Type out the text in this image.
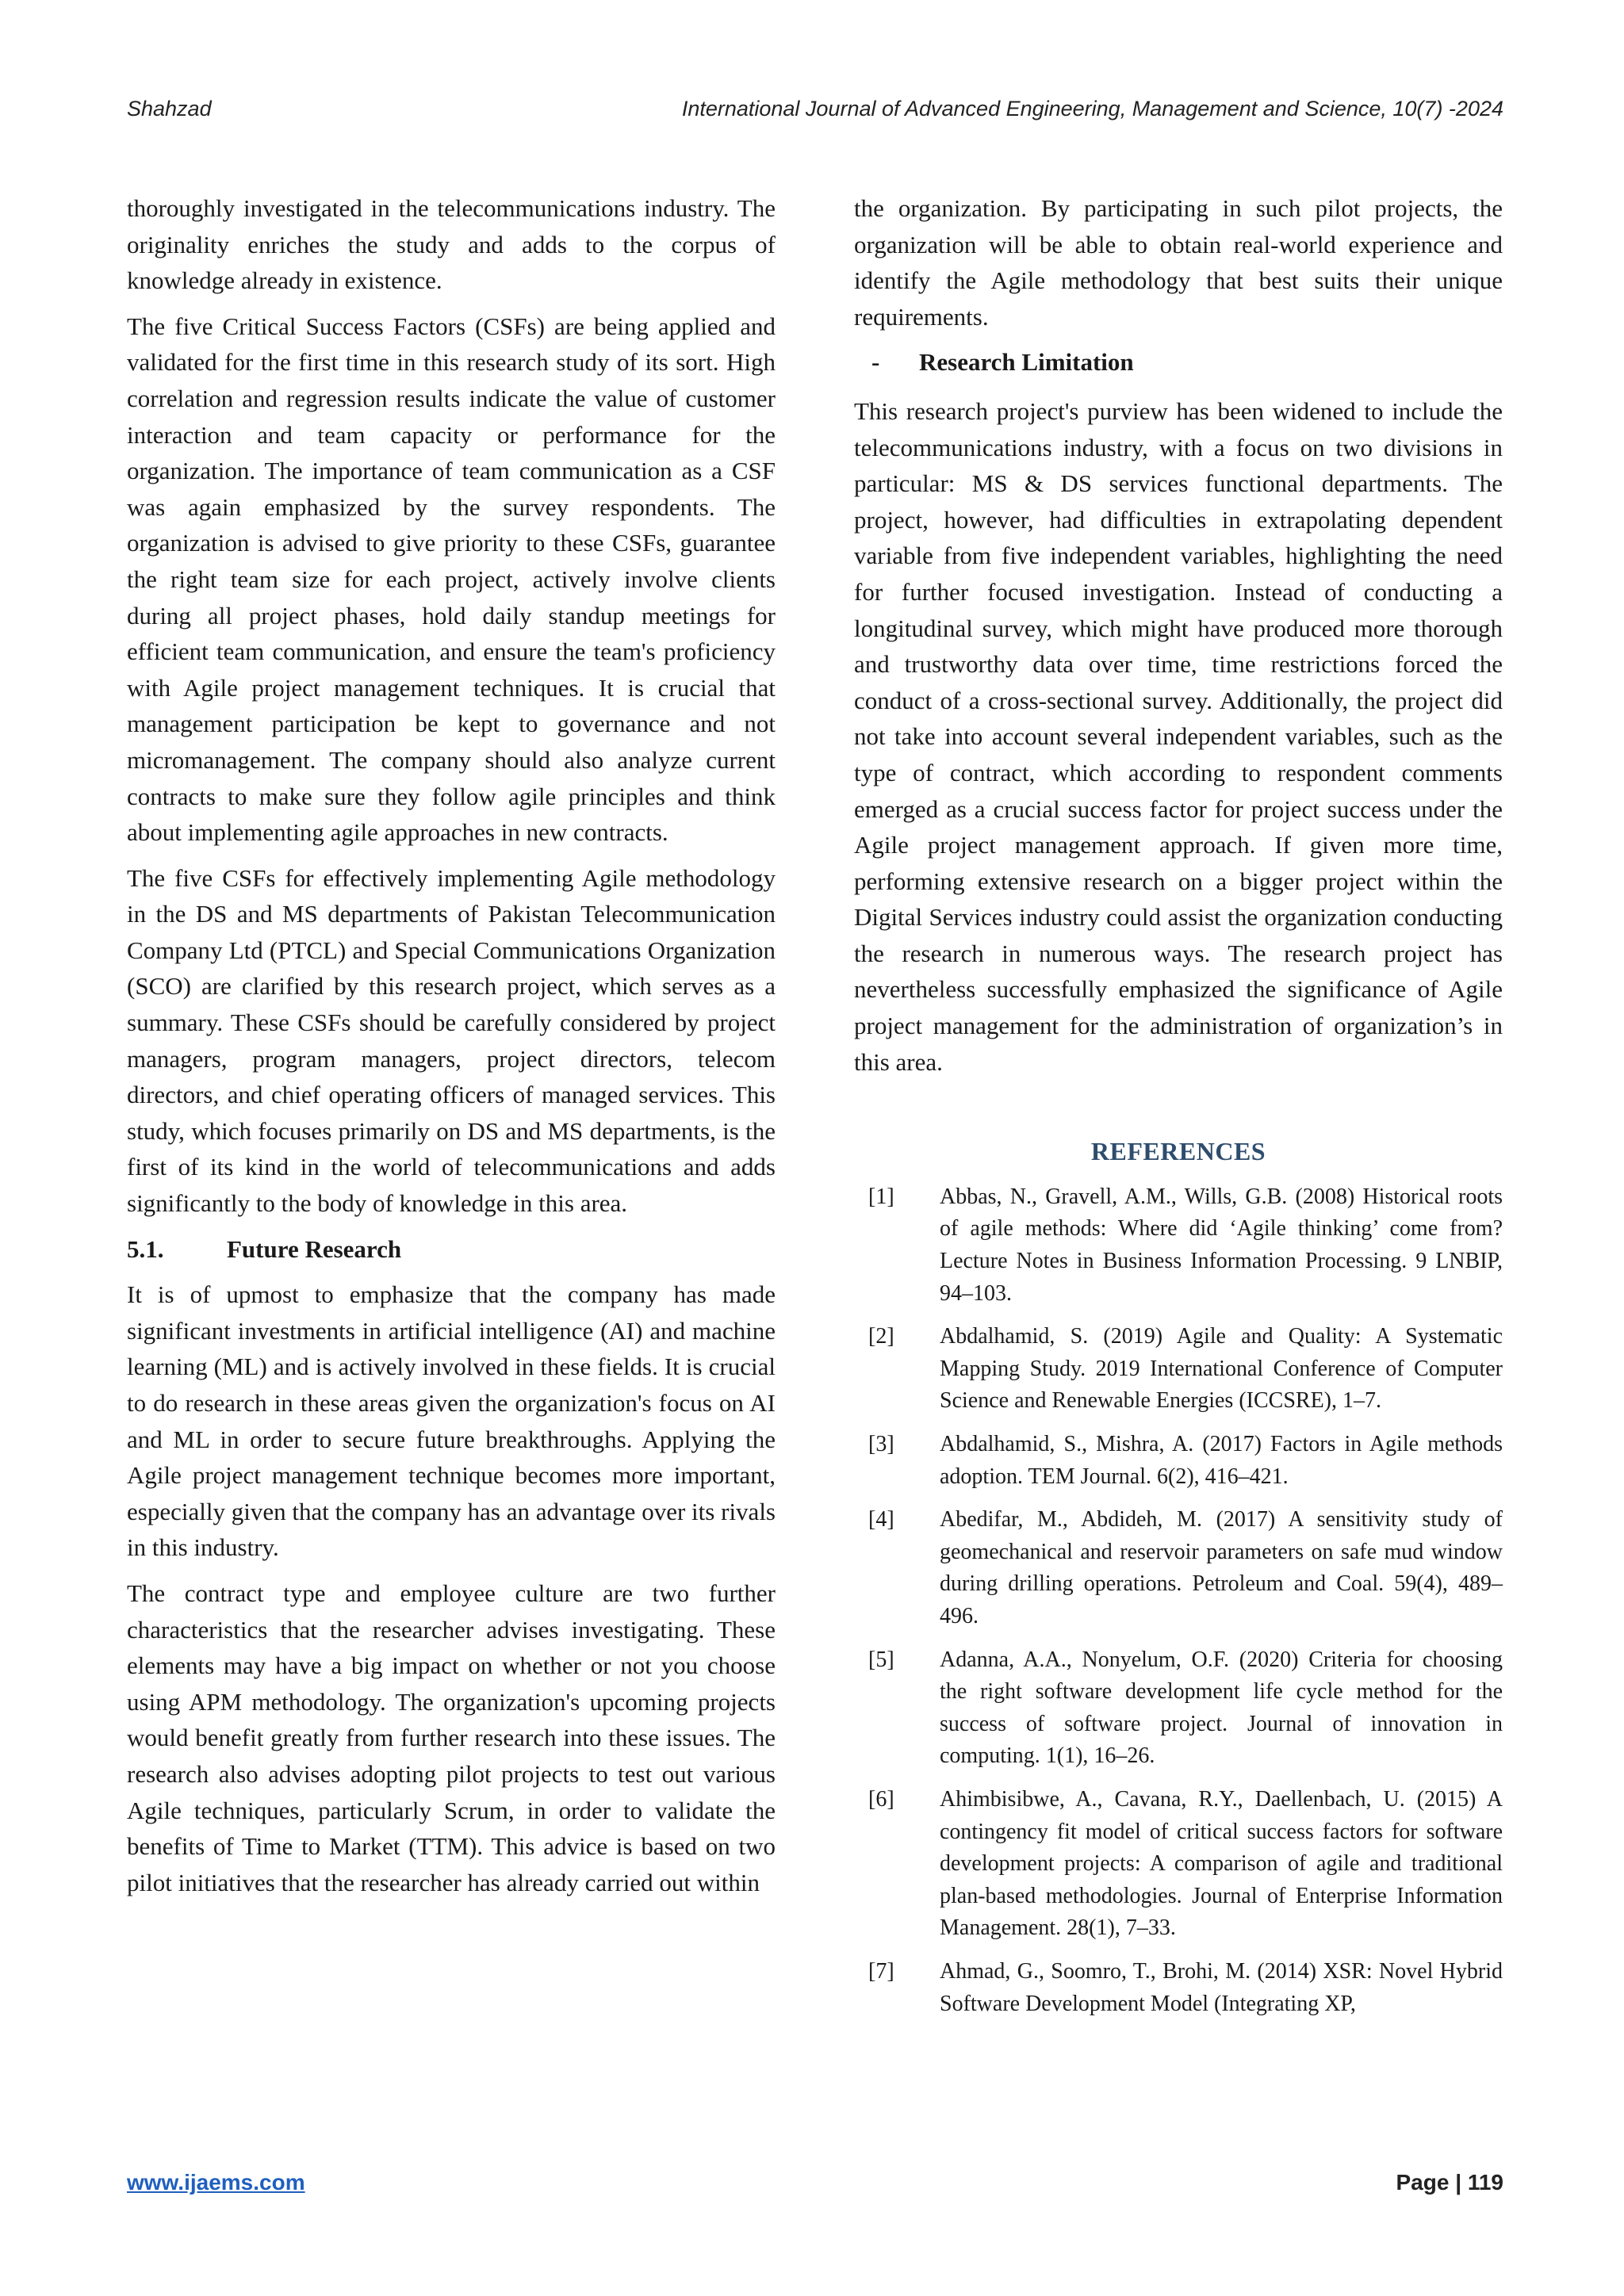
Shahzad	International Journal of Advanced Engineering, Management and Science, 10(7) -2024

thoroughly investigated in the telecommunications industry. The originality enriches the study and adds to the corpus of knowledge already in existence.

The five Critical Success Factors (CSFs) are being applied and validated for the first time in this research study of its sort. High correlation and regression results indicate the value of customer interaction and team capacity or performance for the organization. The importance of team communication as a CSF was again emphasized by the survey respondents. The organization is advised to give priority to these CSFs, guarantee the right team size for each project, actively involve clients during all project phases, hold daily standup meetings for efficient team communication, and ensure the team's proficiency with Agile project management techniques. It is crucial that management participation be kept to governance and not micromanagement. The company should also analyze current contracts to make sure they follow agile principles and think about implementing agile approaches in new contracts.

The five CSFs for effectively implementing Agile methodology in the DS and MS departments of Pakistan Telecommunication Company Ltd (PTCL) and Special Communications Organization (SCO) are clarified by this research project, which serves as a summary. These CSFs should be carefully considered by project managers, program managers, project directors, telecom directors, and chief operating officers of managed services. This study, which focuses primarily on DS and MS departments, is the first of its kind in the world of telecommunications and adds significantly to the body of knowledge in this area.

5.1.	Future Research

It is of upmost to emphasize that the company has made significant investments in artificial intelligence (AI) and machine learning (ML) and is actively involved in these fields. It is crucial to do research in these areas given the organization's focus on AI and ML in order to secure future breakthroughs. Applying the Agile project management technique becomes more important, especially given that the company has an advantage over its rivals in this industry.

The contract type and employee culture are two further characteristics that the researcher advises investigating. These elements may have a big impact on whether or not you choose using APM methodology. The organization's upcoming projects would benefit greatly from further research into these issues. The research also advises adopting pilot projects to test out various Agile techniques, particularly Scrum, in order to validate the benefits of Time to Market (TTM). This advice is based on two pilot initiatives that the researcher has already carried out within

the organization. By participating in such pilot projects, the organization will be able to obtain real-world experience and identify the Agile methodology that best suits their unique requirements.

- Research Limitation

This research project's purview has been widened to include the telecommunications industry, with a focus on two divisions in particular: MS & DS services functional departments. The project, however, had difficulties in extrapolating dependent variable from five independent variables, highlighting the need for further focused investigation. Instead of conducting a longitudinal survey, which might have produced more thorough and trustworthy data over time, time restrictions forced the conduct of a cross-sectional survey. Additionally, the project did not take into account several independent variables, such as the type of contract, which according to respondent comments emerged as a crucial success factor for project success under the Agile project management approach. If given more time, performing extensive research on a bigger project within the Digital Services industry could assist the organization conducting the research in numerous ways. The research project has nevertheless successfully emphasized the significance of Agile project management for the administration of organization’s in this area.

REFERENCES
[1]	Abbas, N., Gravell, A.M., Wills, G.B. (2008) Historical roots of agile methods: Where did ‘Agile thinking’ come from? Lecture Notes in Business Information Processing. 9 LNBIP, 94–103.
[2]	Abdalhamid, S. (2019) Agile and Quality: A Systematic Mapping Study. 2019 International Conference of Computer Science and Renewable Energies (ICCSRE), 1–7.
[3]	Abdalhamid, S., Mishra, A. (2017) Factors in Agile methods adoption. TEM Journal. 6(2), 416–421.
[4]	Abedifar, M., Abdideh, M. (2017) A sensitivity study of geomechanical and reservoir parameters on safe mud window during drilling operations. Petroleum and Coal. 59(4), 489–496.
[5]	Adanna, A.A., Nonyelum, O.F. (2020) Criteria for choosing the right software development life cycle method for the success of software project. Journal of innovation in computing. 1(1), 16–26.
[6]	Ahimbisibwe, A., Cavana, R.Y., Daellenbach, U. (2015) A contingency fit model of critical success factors for software development projects: A comparison of agile and traditional plan-based methodologies. Journal of Enterprise Information Management. 28(1), 7–33.
[7]	Ahmad, G., Soomro, T., Brohi, M. (2014) XSR: Novel Hybrid Software Development Model (Integrating XP,
www.ijaems.com	Page | 119
